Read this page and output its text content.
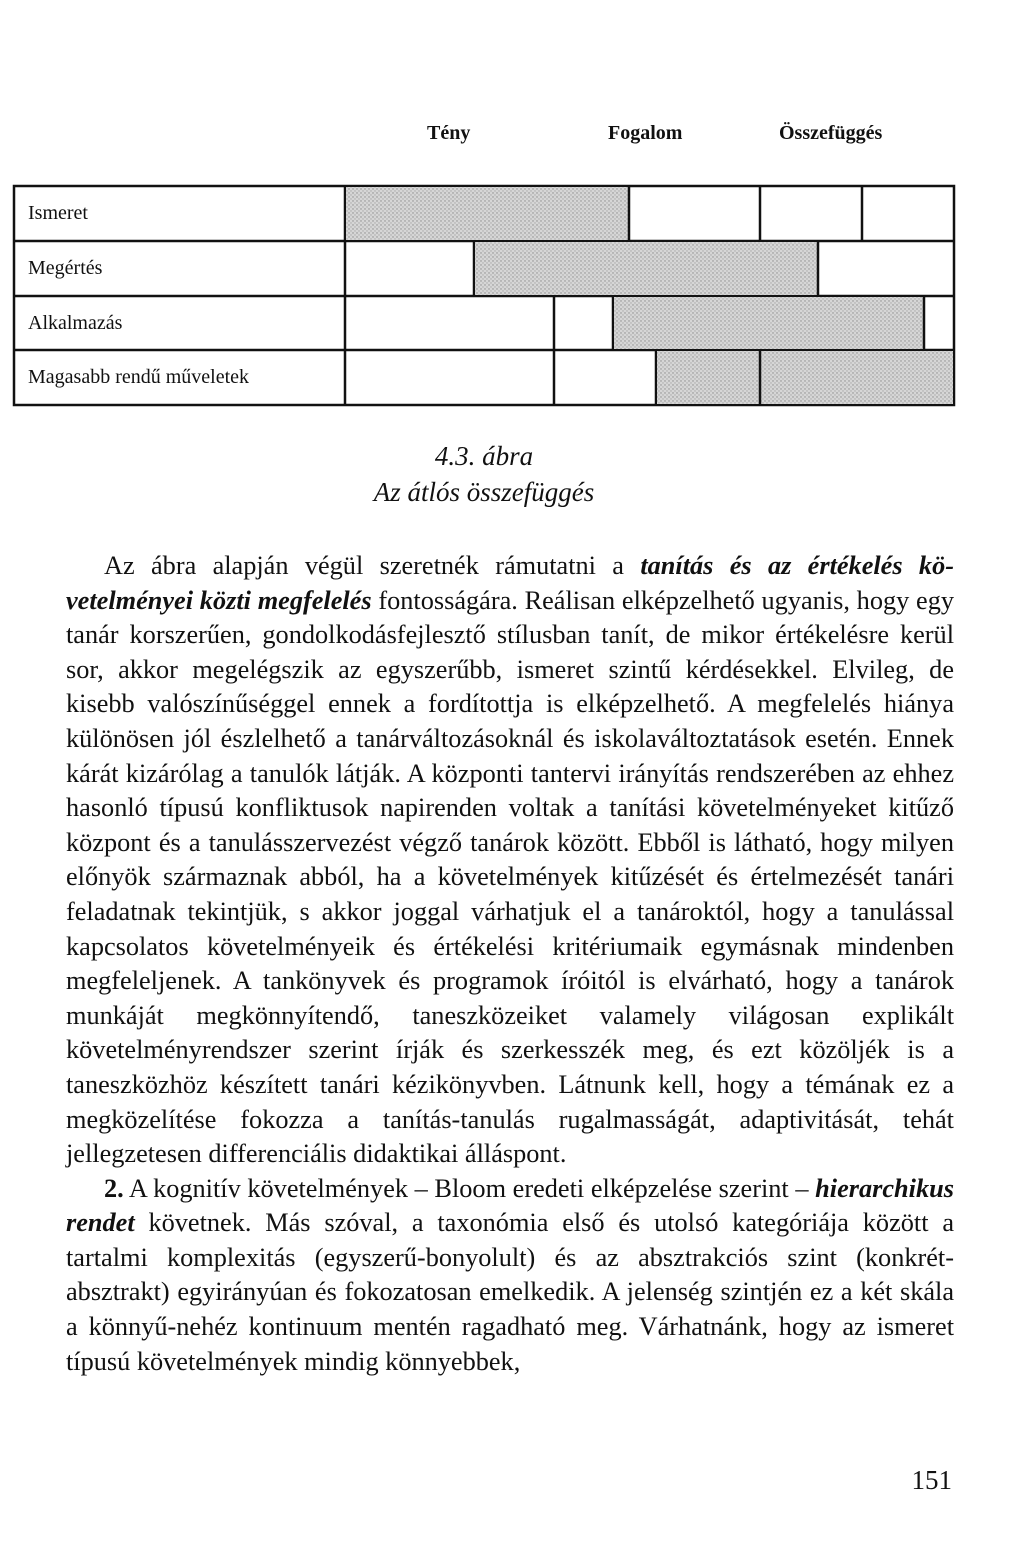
Tény	Fogalom	Összefüggés
Ismeret
Megértés
Alkalmazás
Magasabb rendű műveletek
4.3. ábra
Az átlós összefüggés

Az ábra alapján végül szeretnék rámutatni a tanítás és az értékelés követelményei közti megfelelés fontosságára. Reálisan elképzelhető ugyanis, hogy egy tanár korszerűen, gondolkodásfejlesztő stílusban tanít, de mikor értékelésre kerül sor, akkor megelégszik az egyszerűbb, ismeret szintű kérdésekkel. Elvileg, de kisebb valószínűséggel ennek a fordítottja is elképzelhető. A megfelelés hiánya különösen jól észlelhető a tanárváltozásoknál és iskolaváltoztatások esetén. Ennek kárát kizárólag a tanulók látják. A központi tantervi irányítás rendszerében az ehhez hasonló típusú konfliktusok napirenden voltak a tanítási követelményeket kitűző központ és a tanulásszervezést végző tanárok között. Ebből is látható, hogy milyen előnyök származnak abból, ha a követelmények kitűzését és értelmezését tanári feladatnak tekintjük, s akkor joggal várhatjuk el a tanároktól, hogy a tanulással kapcsolatos követelményeik és értékelési kritériumaik egymásnak mindenben megfeleljenek. A tankönyvek és programok íróitól is elvárható, hogy a tanárok munkáját megkönnyítendő, taneszközeiket valamely világosan explikált követelményrendszer szerint írják és szerkesszék meg, és ezt közöljék is a taneszközhöz készített tanári kézikönyvben. Látnunk kell, hogy a témának ez a megközelítése fokozza a tanítás-tanulás rugalmasságát, adaptivitását, tehát jellegzetesen differenciális didaktikai álláspont.

2. A kognitív követelmények – Bloom eredeti elképzelése szerint – hierarchikus rendet követnek. Más szóval, a taxonómia első és utolsó kategóriája között a tartalmi komplexitás (egyszerű-bonyolult) és az absztrakciós szint (konkrét-absztrakt) egyirányúan és fokozatosan emelkedik. A jelenség szintjén ez a két skála a könnyű-nehéz kontinuum mentén ragadható meg. Várhatnánk, hogy az ismeret típusú követelmények mindig könnyebbek,

151
